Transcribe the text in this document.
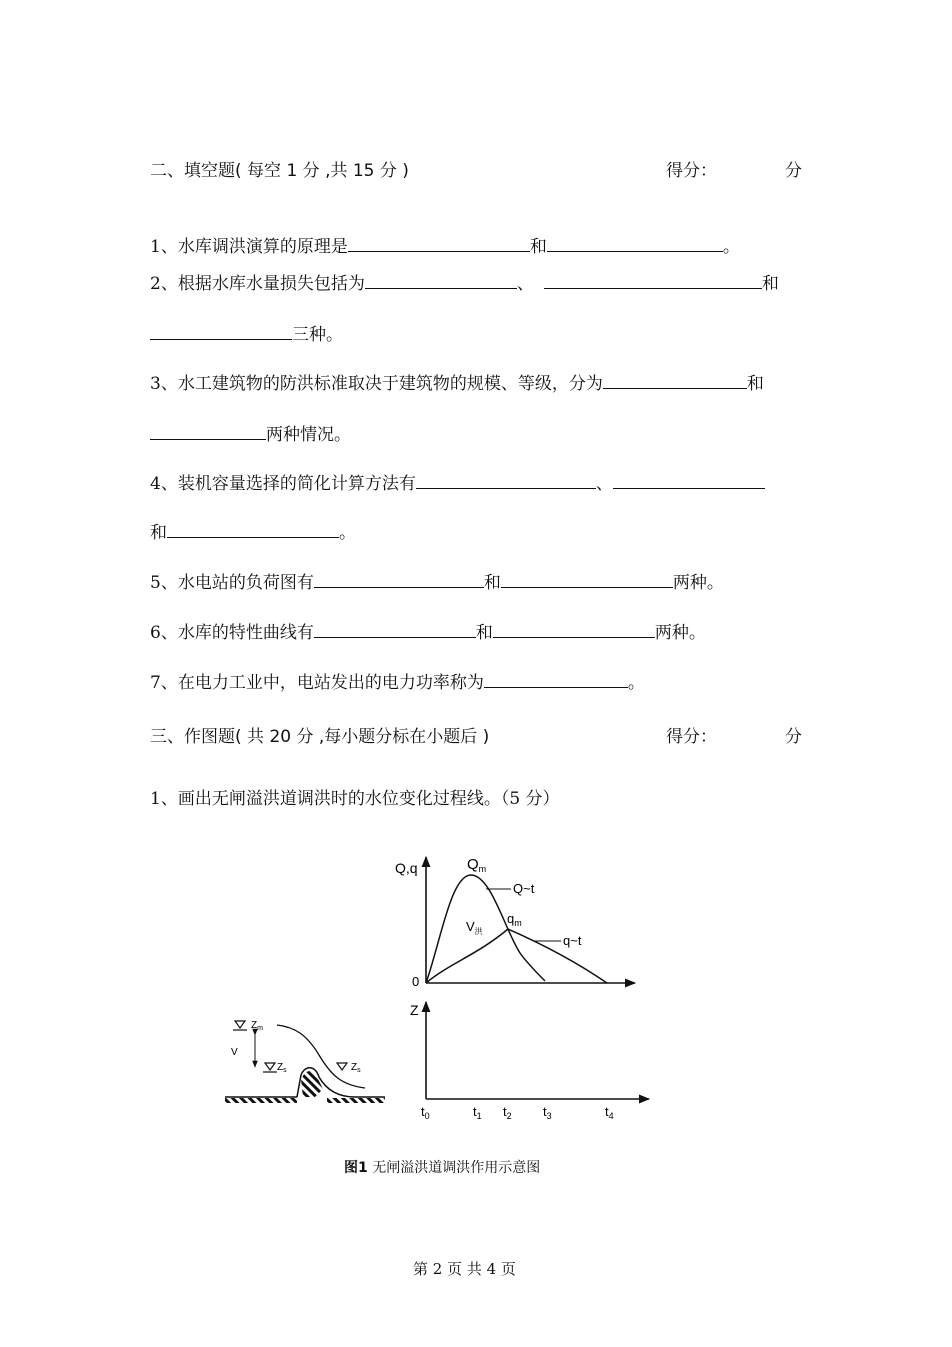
二、填空题( 每空 1 分 ,共 15 分 )	得分：	分
1、水库调洪演算的原理是	和	。
2、根据水库水量损失包括为	、	和
三种。
3、水工建筑物的防洪标准取决于建筑物的规模、等级，分为	和
两种情况。
4、装机容量选择的简化计算方法有	、
和	。
5、水电站的负荷图有	和	两种。
6、水库的特性曲线有	和	两种。
7、在电力工业中，电站发出的电力功率称为	。
三、作图题( 共 20 分 ,每小题分标在小题后 )	得分：	分
1、画出无闸溢洪道调洪时的水位变化过程线。（5 分）
Q,q
0
$Q_m$
Q~t
$q_m$
q~t
$V_洪$
Z
$t_0$	$t_1$ $t_2$ $t_3$	$t_4$
$Z_m$
V
$Z_s$	$Z_s$
图1 无闸溢洪道调洪作用示意图
第 2 页 共 4 页
